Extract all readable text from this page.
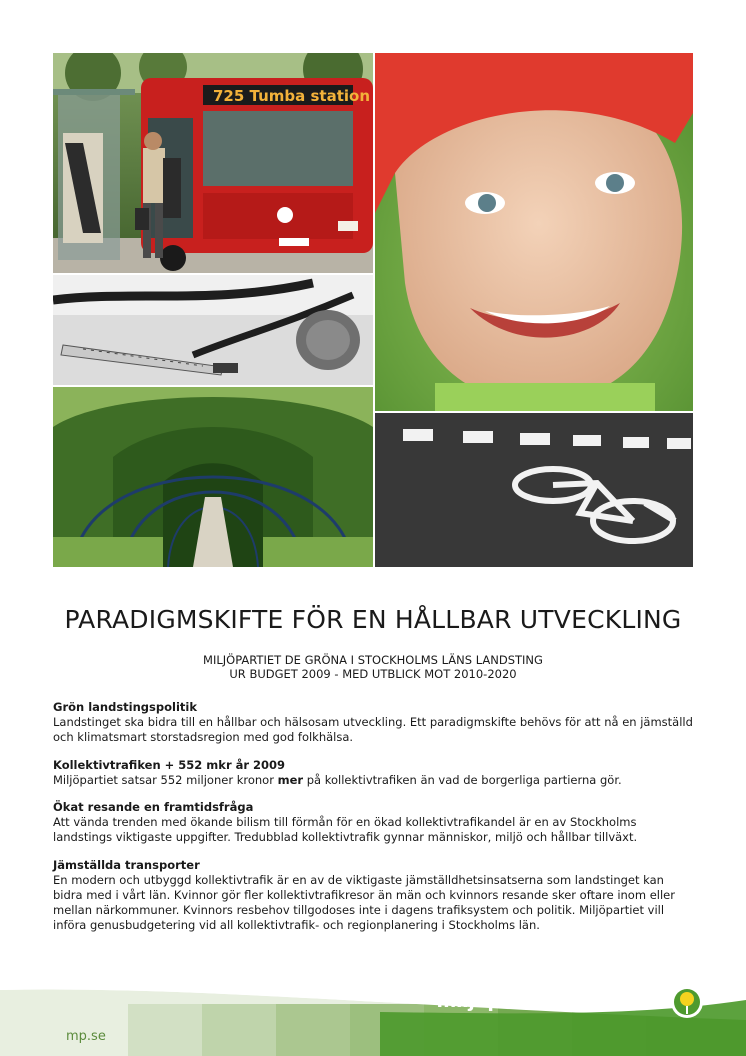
725 Tumba station
PARADIGMSKIFTE FÖR EN HÅLLBAR UTVECKLING
MILJÖPARTIET DE GRÖNA I STOCKHOLMS LÄNS LANDSTING
UR BUDGET 2009 - MED UTBLICK MOT 2010-2020
Grön landstingspolitik

Landstinget ska bidra till en hållbar och hälsosam utveckling. Ett paradigmskifte behövs för att nå en jämställd och klimatsmart storstadsregion med god folkhälsa.

Kollektivtrafiken + 552 mkr år 2009

Miljöpartiet satsar 552 miljoner kronor mer på kollektivtrafiken än vad de borgerliga partierna gör.

Ökat resande en framtidsfråga

Att vända trenden med ökande bilism till förmån för en ökad kollektivtrafikandel är en av Stockholms landstings viktigaste uppgifter. Tredubblad kollektivtrafik gynnar människor, miljö och hållbar tillväxt.

Jämställda transporter

En modern och utbyggd kollektivtrafik är en av de viktigaste jämställdhetsinsatserna som landstinget kan bidra med i vårt län. Kvinnor gör fler kollektivtrafikresor än män och kvinnors resande sker oftare inom eller mellan närkommuner. Kvinnors resbehov tillgodoses inte i dagens trafiksystem och politik. Miljöpartiet vill införa genusbudgetering vid all kollektivtrafik- och regionplanering i Stockholms län.

miljöpartiet de gröna
mp.se
